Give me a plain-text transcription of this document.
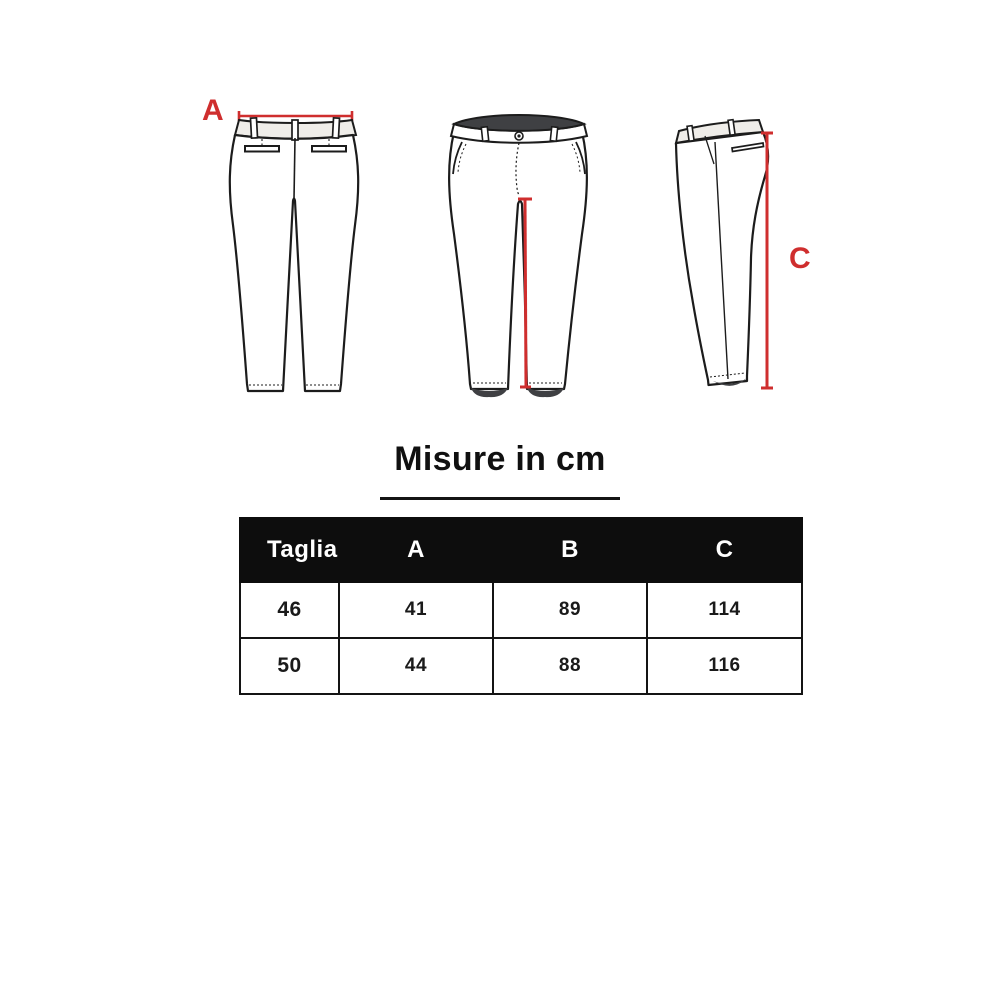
A
C
Misure in cm
Taglia	A	B	C
46	41	89	114
50	44	88	116
